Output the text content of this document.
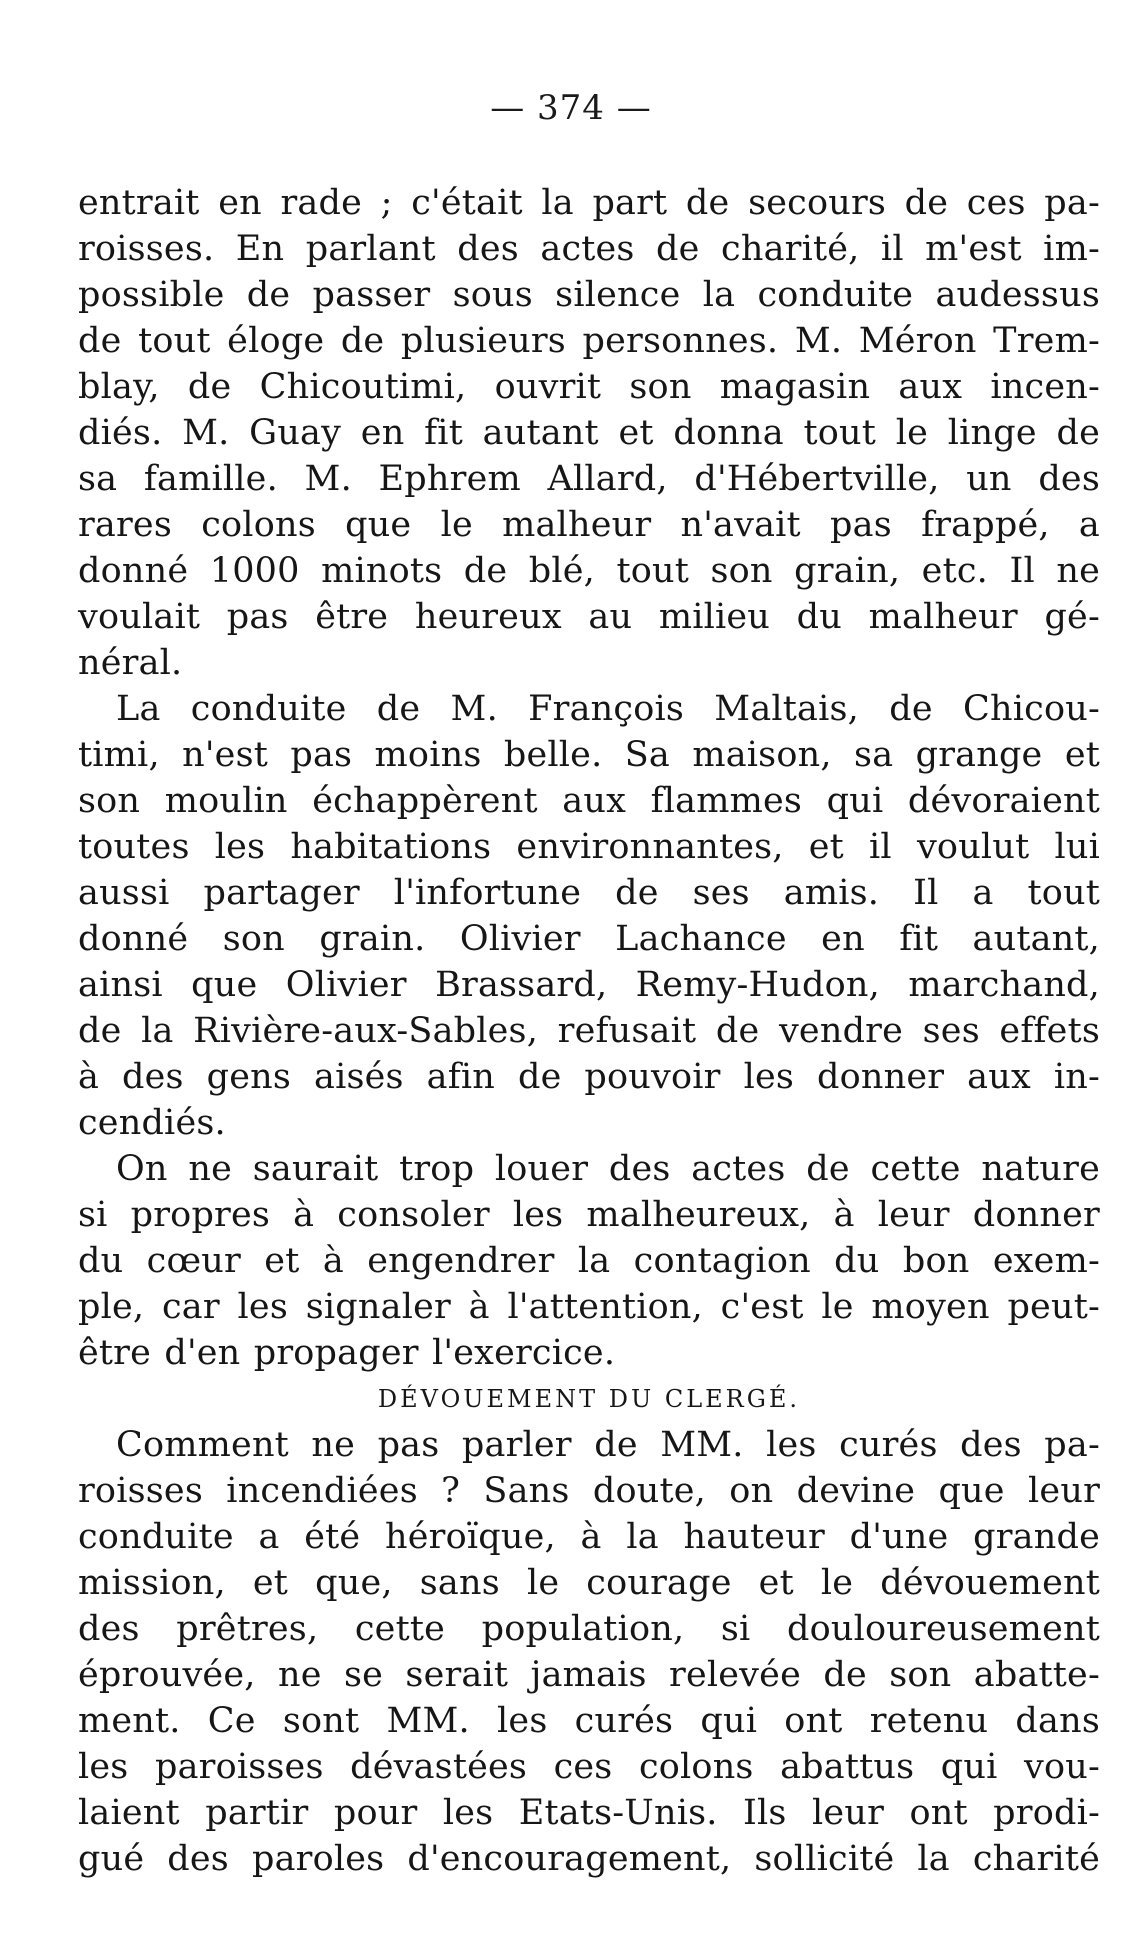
— 374 —
entrait en rade ; c'était la part de secours de ces pa-
roisses. En parlant des actes de charité, il m'est im-
possible de passer sous silence la conduite audessus
de tout éloge de plusieurs personnes. M. Méron Trem-
blay, de Chicoutimi, ouvrit son magasin aux incen-
diés. M. Guay en fit autant et donna tout le linge de
sa famille. M. Ephrem Allard, d'Hébertville, un des
rares colons que le malheur n'avait pas frappé, a
donné 1000 minots de blé, tout son grain, etc. Il ne
voulait pas être heureux au milieu du malheur gé-
néral.
La conduite de M. François Maltais, de Chicou-
timi, n'est pas moins belle. Sa maison, sa grange et
son moulin échappèrent aux flammes qui dévoraient
toutes les habitations environnantes, et il voulut lui
aussi partager l'infortune de ses amis. Il a tout
donné son grain. Olivier Lachance en fit autant,
ainsi que Olivier Brassard, Remy-Hudon, marchand,
de la Rivière-aux-Sables, refusait de vendre ses effets
à des gens aisés afin de pouvoir les donner aux in-
cendiés.
On ne saurait trop louer des actes de cette nature
si propres à consoler les malheureux, à leur donner
du cœur et à engendrer la contagion du bon exem-
ple, car les signaler à l'attention, c'est le moyen peut-
être d'en propager l'exercice.
DÉVOUEMENT DU CLERGÉ.
Comment ne pas parler de MM. les curés des pa-
roisses incendiées ? Sans doute, on devine que leur
conduite a été héroïque, à la hauteur d'une grande
mission, et que, sans le courage et le dévouement
des prêtres, cette population, si douloureusement
éprouvée, ne se serait jamais relevée de son abatte-
ment. Ce sont MM. les curés qui ont retenu dans
les paroisses dévastées ces colons abattus qui vou-
laient partir pour les Etats-Unis. Ils leur ont prodi-
gué des paroles d'encouragement, sollicité la charité
